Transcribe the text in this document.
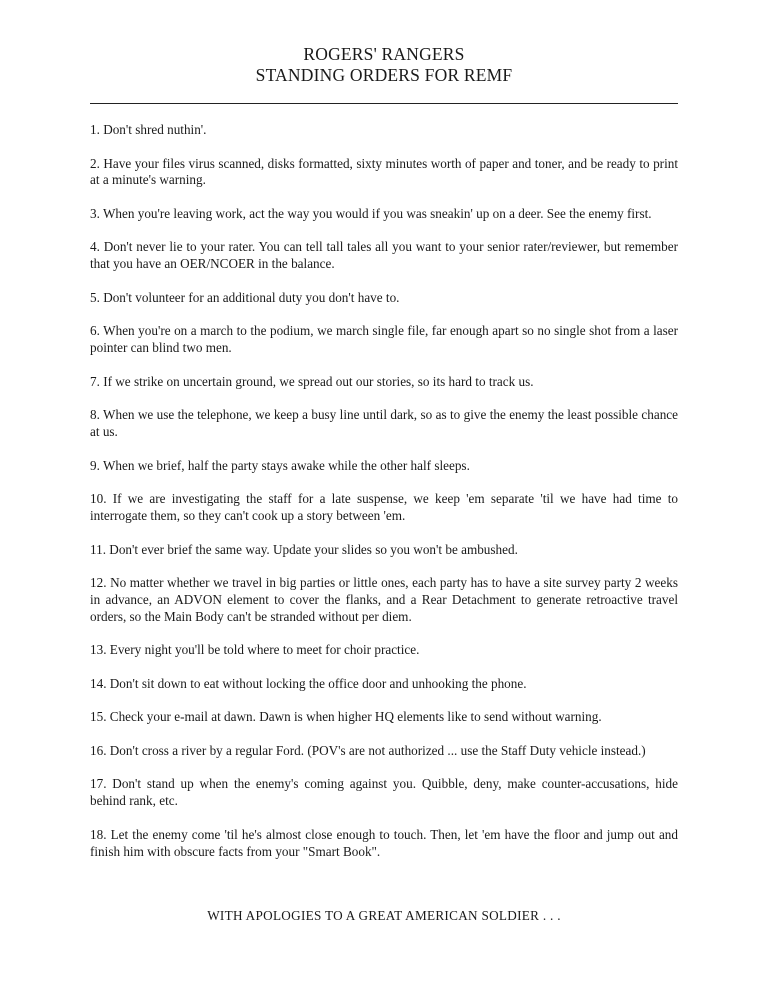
ROGERS' RANGERS
STANDING ORDERS FOR REMF
1. Don't shred nuthin'.
2. Have your files virus scanned, disks formatted, sixty minutes worth of paper and toner, and be ready to print at a minute's warning.
3. When you're leaving work, act the way you would if you was sneakin' up on a deer. See the enemy first.
4. Don't never lie to your rater. You can tell tall tales all you want to your senior rater/reviewer, but remember that you have an OER/NCOER in the balance.
5. Don't volunteer for an additional duty you don't have to.
6. When you're on a march to the podium, we march single file, far enough apart so no single shot from a laser pointer can blind two men.
7. If we strike on uncertain ground, we spread out our stories, so its hard to track us.
8. When we use the telephone, we keep a busy line until dark, so as to give the enemy the least possible chance at us.
9. When we brief, half the party stays awake while the other half sleeps.
10. If we are investigating the staff for a late suspense, we keep 'em separate 'til we have had time to interrogate them, so they can't cook up a story between 'em.
11. Don't ever brief the same way. Update your slides so you won't be ambushed.
12. No matter whether we travel in big parties or little ones, each party has to have a site survey party 2 weeks in advance, an ADVON element to cover the flanks, and a Rear Detachment to generate retroactive travel orders, so the Main Body can't be stranded without per diem.
13. Every night you'll be told where to meet for choir practice.
14. Don't sit down to eat without locking the office door and unhooking the phone.
15. Check your e-mail at dawn. Dawn is when higher HQ elements like to send without warning.
16. Don't cross a river by a regular Ford. (POV's are not authorized ... use the Staff Duty vehicle instead.)
17. Don't stand up when the enemy's coming against you. Quibble, deny, make counter-accusations, hide behind rank, etc.
18. Let the enemy come 'til he's almost close enough to touch. Then, let 'em have the floor and jump out and finish him with obscure facts from your "Smart Book".
WITH APOLOGIES TO A GREAT AMERICAN SOLDIER . . .
